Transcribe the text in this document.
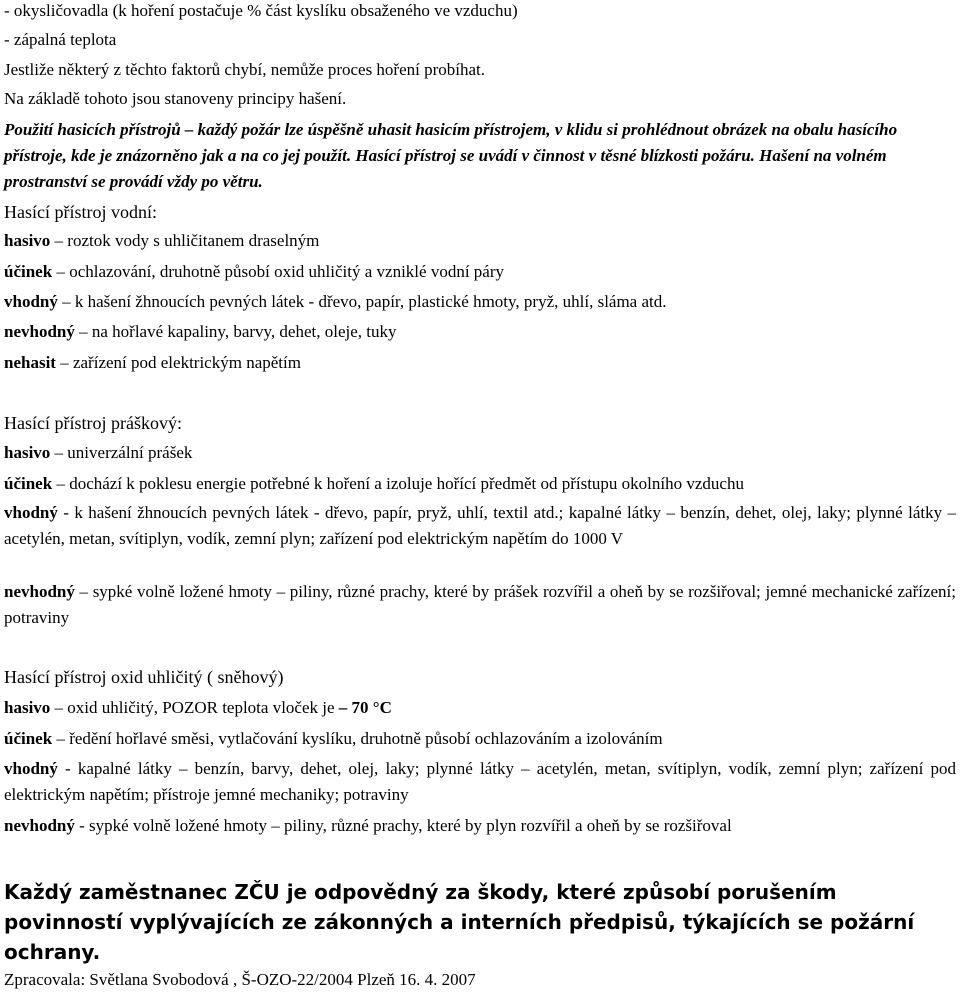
- okysličovadla (k hoření postačuje % část kyslíku obsaženého ve vzduchu)
- zápalná teplota
Jestliže některý z těchto faktorů chybí, nemůže proces hoření probíhat.
Na základě tohoto jsou stanoveny principy hašení.
Použití hasicích přístrojů – každý požár lze úspěšně uhasit hasicím přístrojem, v klidu si prohlédnout obrázek na obalu hasícího přístroje, kde je znázorněno jak a na co jej použít. Hasící přístroj se uvádí v činnost v těsné blízkosti požáru. Hašení na volném prostranství se provádí vždy po větru.
Hasící přístroj vodní:
hasivo – roztok vody s uhličitanem draselným
účinek – ochlazování, druhotně působí oxid uhličitý a vzniklé vodní páry
vhodný – k hašení žhnoucích pevných látek - dřevo, papír, plastické hmoty, pryž, uhlí, sláma atd.
nevhodný – na hořlavé kapaliny, barvy, dehet, oleje, tuky
nehasit – zařízení pod elektrickým napětím
Hasící přístroj práškový:
hasivo – univerzální prášek
účinek – dochází k poklesu energie potřebné k hoření a izoluje hořící předmět od přístupu okolního vzduchu
vhodný - k hašení žhnoucích pevných látek - dřevo, papír, pryž, uhlí, textil atd.; kapalné látky – benzín, dehet, olej, laky; plynné látky – acetylén, metan, svítiplyn, vodík, zemní plyn; zařízení pod elektrickým napětím do 1000 V
nevhodný – sypké volně ložené hmoty – piliny, různé prachy, které by prášek rozvířil a oheň by se rozšiřoval; jemné mechanické zařízení; potraviny
Hasící přístroj oxid uhličitý ( sněhový)
hasivo – oxid uhličitý, POZOR teplota vloček je – 70 °C
účinek – ředění hořlavé směsi, vytlačování kyslíku, druhotně působí ochlazováním a izolováním
vhodný - kapalné látky – benzín, barvy, dehet, olej, laky; plynné látky – acetylén, metan, svítiplyn, vodík, zemní plyn; zařízení pod elektrickým napětím; přístroje jemné mechaniky; potraviny
nevhodný - sypké volně ložené hmoty – piliny, různé prachy, které by plyn rozvířil a oheň by se rozšiřoval
Každý zaměstnanec ZČU je odpovědný za škody, které způsobí porušením povinností vyplývajících ze zákonných a interních předpisů, týkajících se požární ochrany.
Zpracovala: Světlana Svobodová , Š-OZO-22/2004 Plzeň 16. 4. 2007
